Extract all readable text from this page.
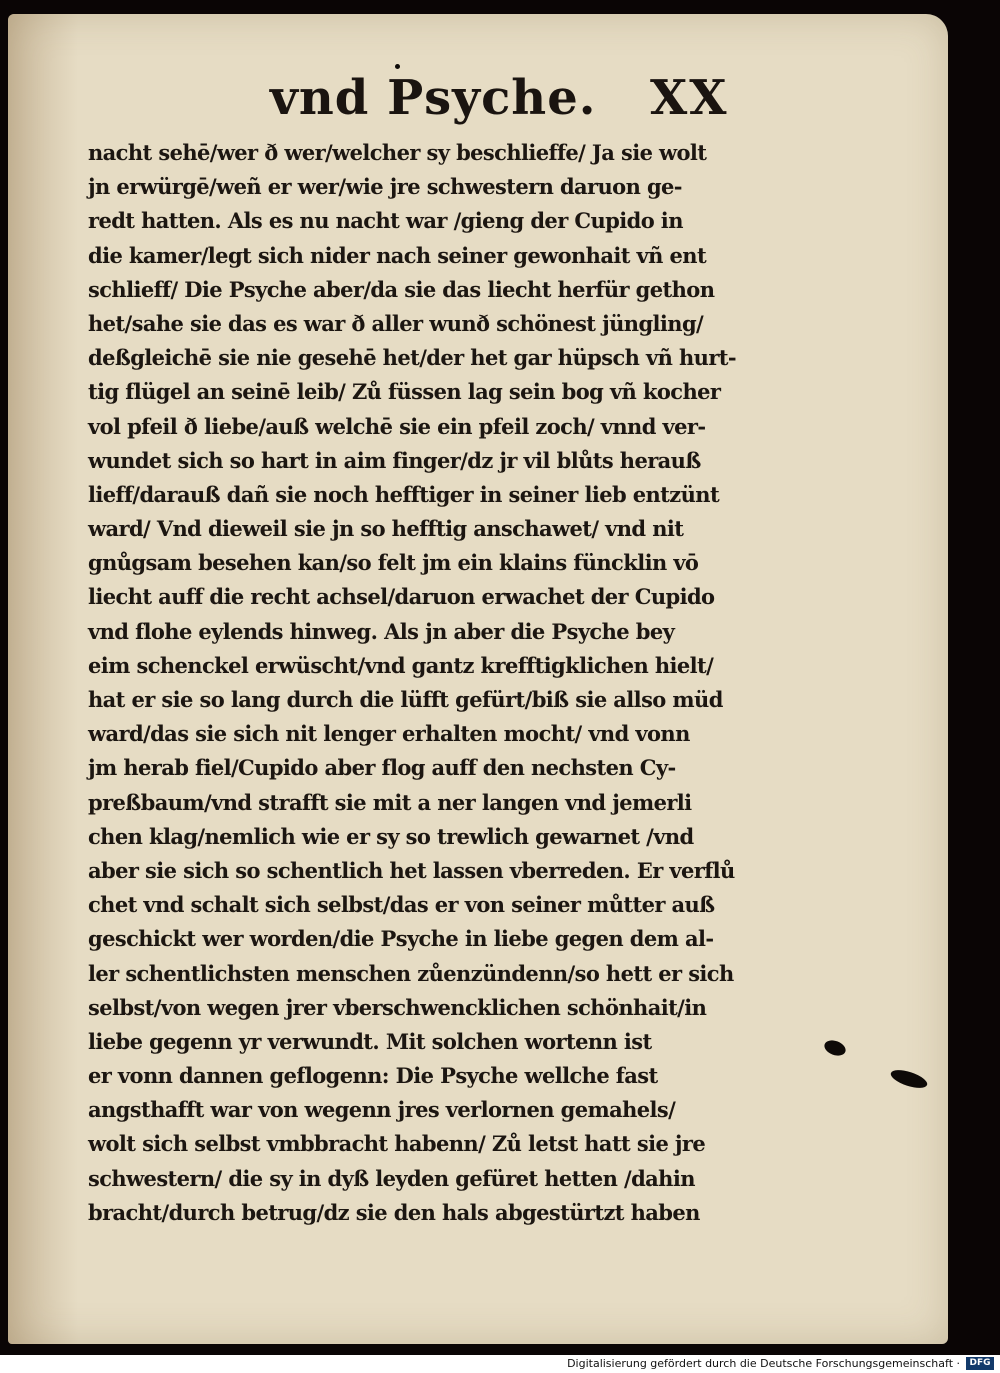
vnd Psyche. XX
nacht sehē/wer ð wer/welcher sy beschlieffe/ Ja sie wolt
jn erwürgē/weñ er wer/wie jre schwestern daruon ge-
redt hatten. Als es nu nacht war /gieng der Cupido in
die kamer/legt sich nider nach seiner gewonhait vñ ent
schlieff/ Die Psyche aber/da sie das liecht herfür gethon
het/sahe sie das es war ð aller wunð schönest jüngling/
deßgleichē sie nie gesehē het/der het gar hüpsch vñ hurt-
tig flügel an seinē leib/ Zů füssen lag sein bog vñ kocher
vol pfeil ð liebe/auß welchē sie ein pfeil zoch/ vnnd ver-
wundet sich so hart in aim finger/dz jr vil blůts herauß
lieff/darauß dañ sie noch hefftiger in seiner lieb entzünt
ward/ Vnd dieweil sie jn so hefftig anschawet/ vnd nit
gnůgsam besehen kan/so felt jm ein klains füncklin vō
liecht auff die recht achsel/daruon erwachet der Cupido
vnd flohe eylends hinweg. Als jn aber die Psyche bey
eim schenckel erwüscht/vnd gantz krefftigklichen hielt/
hat er sie so lang durch die lüfft gefürt/biß sie allso müd
ward/das sie sich nit lenger erhalten mocht/ vnd vonn
jm herab fiel/Cupido aber flog auff den nechsten Cy-
preßbaum/vnd strafft sie mit a ner langen vnd jemerli
chen klag/nemlich wie er sy so trewlich gewarnet /vnd
aber sie sich so schentlich het lassen vberreden. Er verflů
chet vnd schalt sich selbst/das er von seiner můtter auß
geschickt wer worden/die Psyche in liebe gegen dem al-
ler schentlichsten menschen zůenzündenn/so hett er sich
selbst/von wegen jrer vberschwencklichen schönhait/in
liebe gegenn yr verwundt. Mit solchen wortenn ist
er vonn dannen geflogenn: Die Psyche wellche fast
angsthafft war von wegenn jres verlornen gemahels/
wolt sich selbst vmbbracht habenn/ Zů letst hatt sie jre
schwestern/ die sy in dyß leyden gefüret hetten /dahin
bracht/durch betrug/dz sie den hals abgestürtzt haben
Digitalisierung gefördert durch die Deutsche Forschungsgemeinschaft ·	DFG
